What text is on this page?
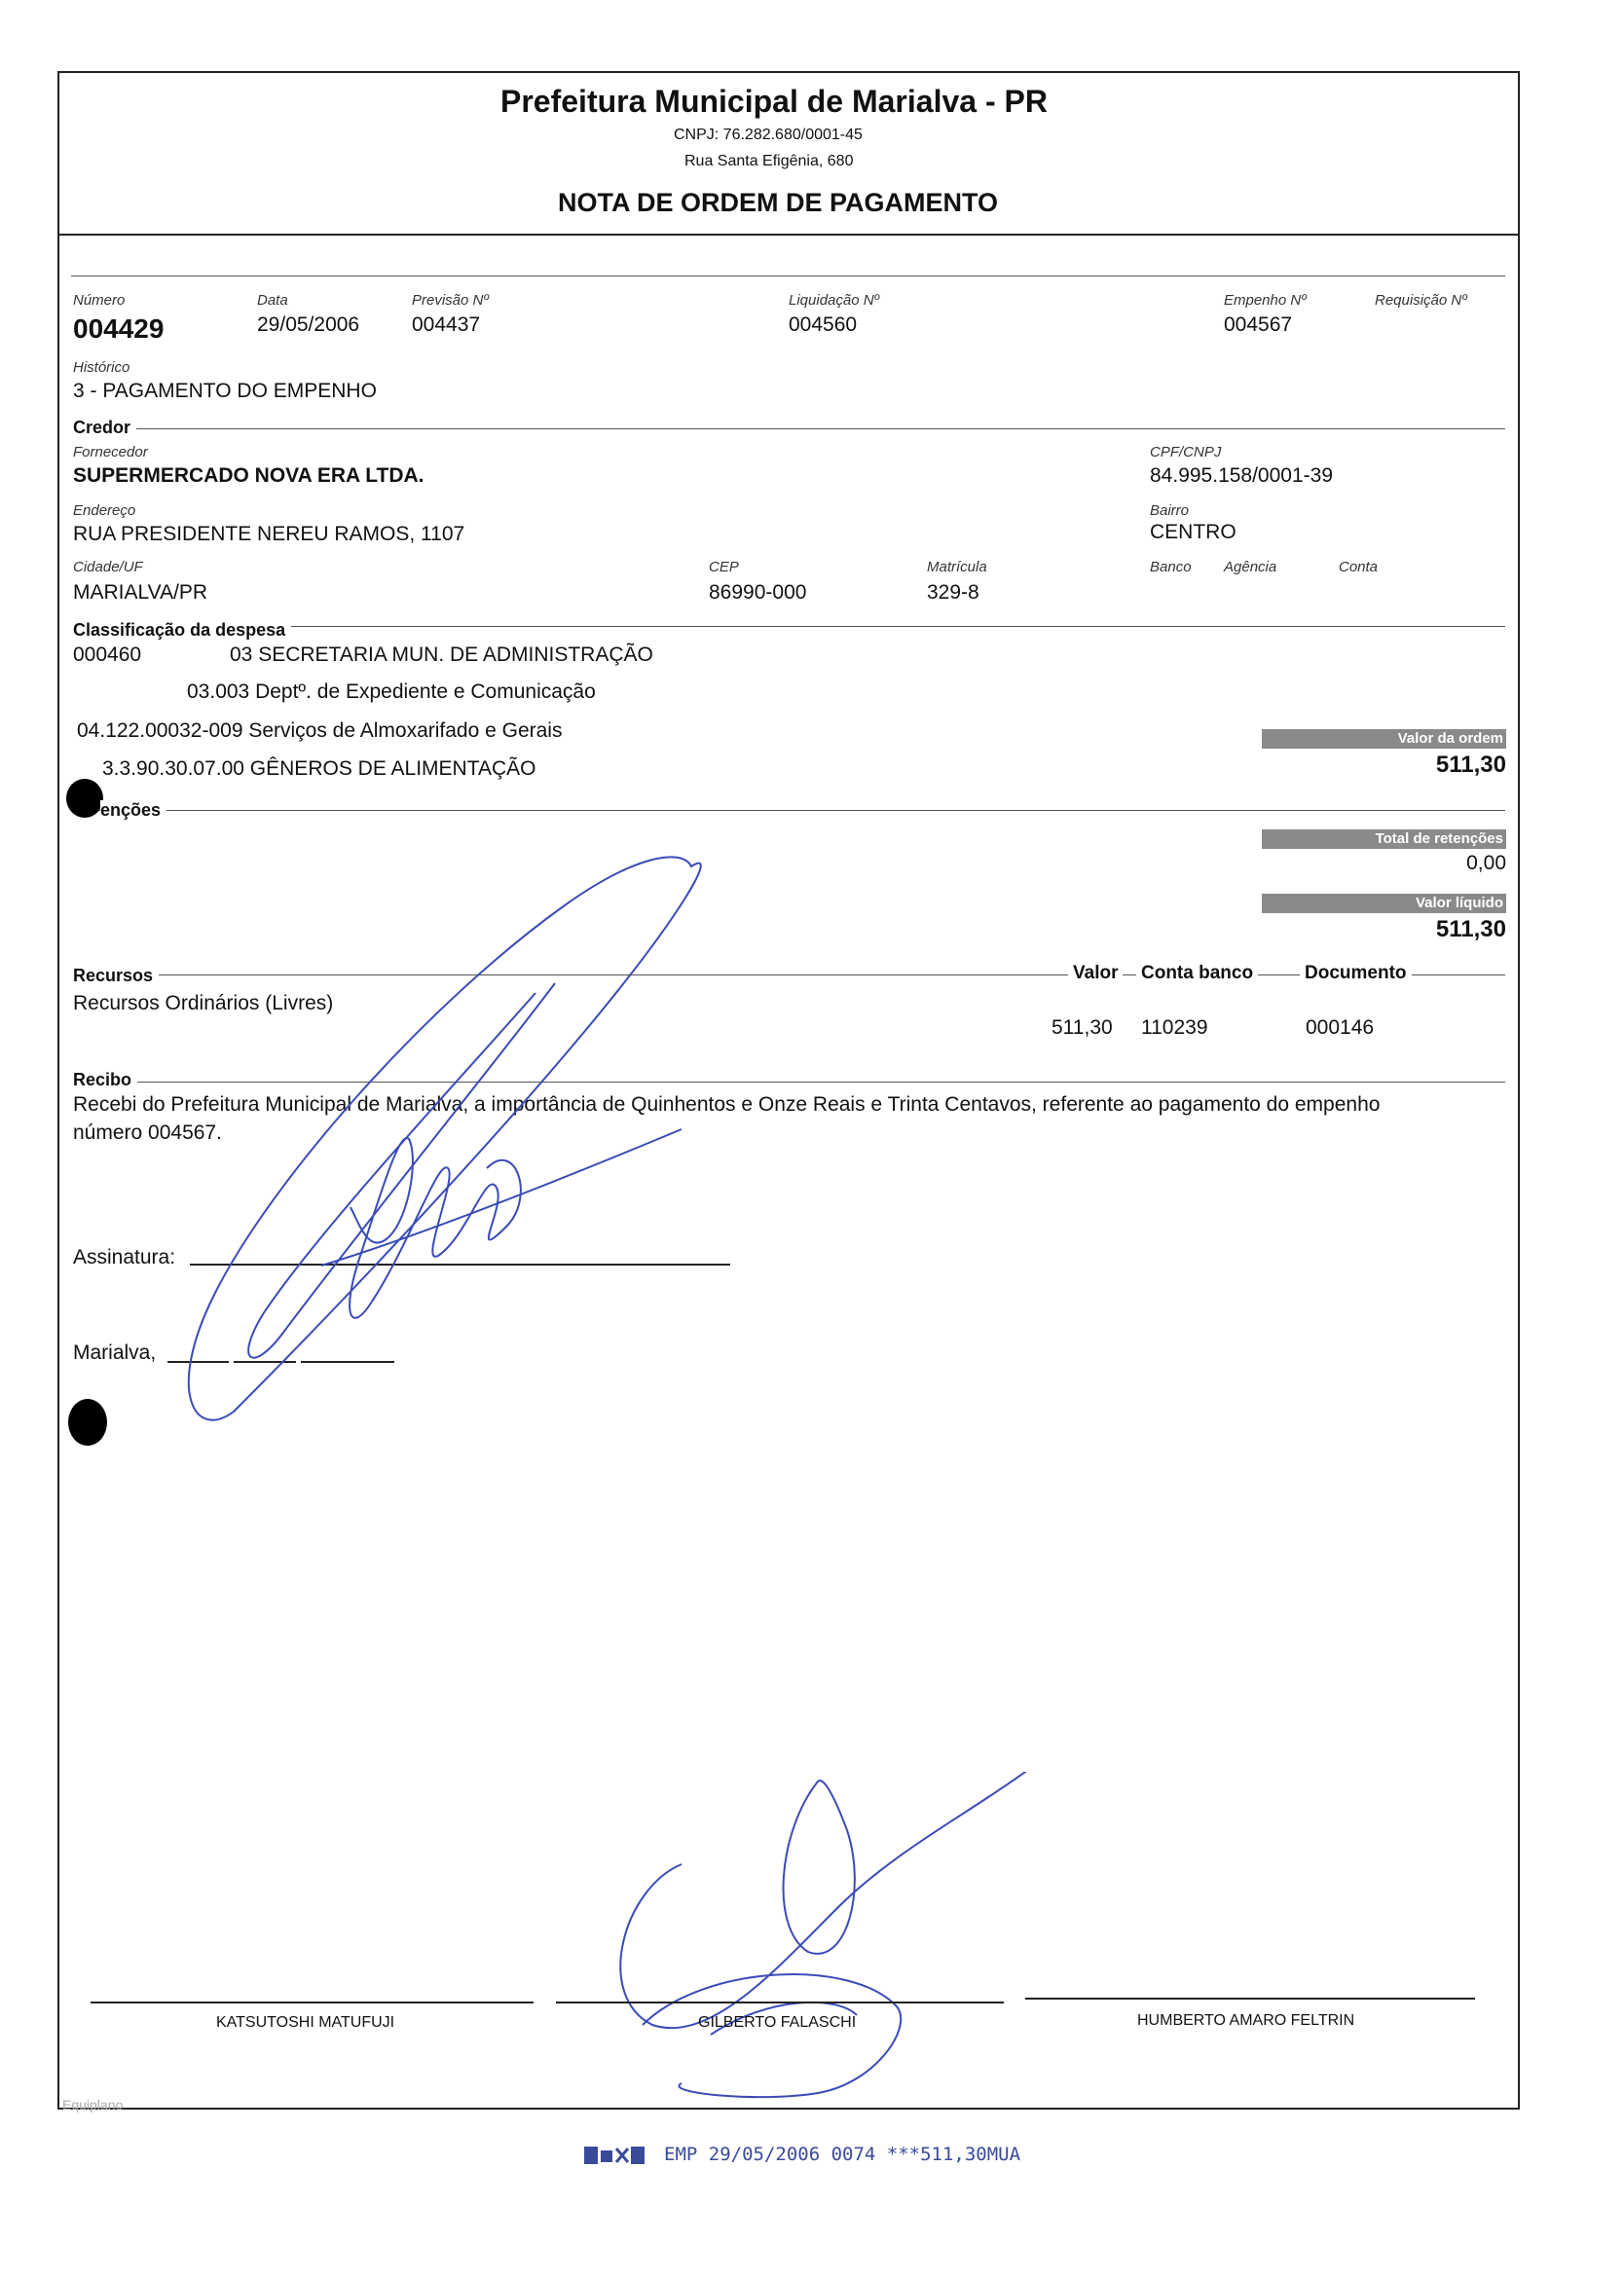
Prefeitura Municipal de Marialva - PR
CNPJ: 76.282.680/0001-45
Rua Santa Efigênia, 680
NOTA DE ORDEM DE PAGAMENTO
Número
004429
Data
29/05/2006
Previsão Nº
004437
Liquidação Nº
004560
Empenho Nº
004567
Requisição Nº
Histórico
3 - PAGAMENTO DO EMPENHO
Credor
Fornecedor
SUPERMERCADO NOVA ERA LTDA.
CPF/CNPJ
84.995.158/0001-39
Endereço
RUA PRESIDENTE NEREU RAMOS, 1107
Bairro
CENTRO
Cidade/UF
MARIALVA/PR
CEP
86990-000
Matrícula
329-8
Banco Agência	Conta
Classificação da despesa
000460	03 SECRETARIA MUN. DE ADMINISTRAÇÃO
03.003 Deptº. de Expediente e Comunicação
04.122.00032-009 Serviços de Almoxarifado e Gerais
3.3.90.30.07.00 GÊNEROS DE ALIMENTAÇÃO
Valor da ordem
511,30
enções
Total de retenções
0,00
Valor líquido
511,30
Recursos	Valor Conta banco	Documento
Recursos Ordinários (Livres)
511,30 110239	000146
Recibo
Recebi do Prefeitura Municipal de Marialva, a importância de Quinhentos e Onze Reais e Trinta Centavos, referente ao pagamento do empenho
número 004567.
Assinatura:
Marialva,
KATSUTOSHI MATUFUJI	GILBERTO FALASCHI	HUMBERTO AMARO FELTRIN
Equiplano
EMP 29/05/2006 0074 ***511,30MUA
